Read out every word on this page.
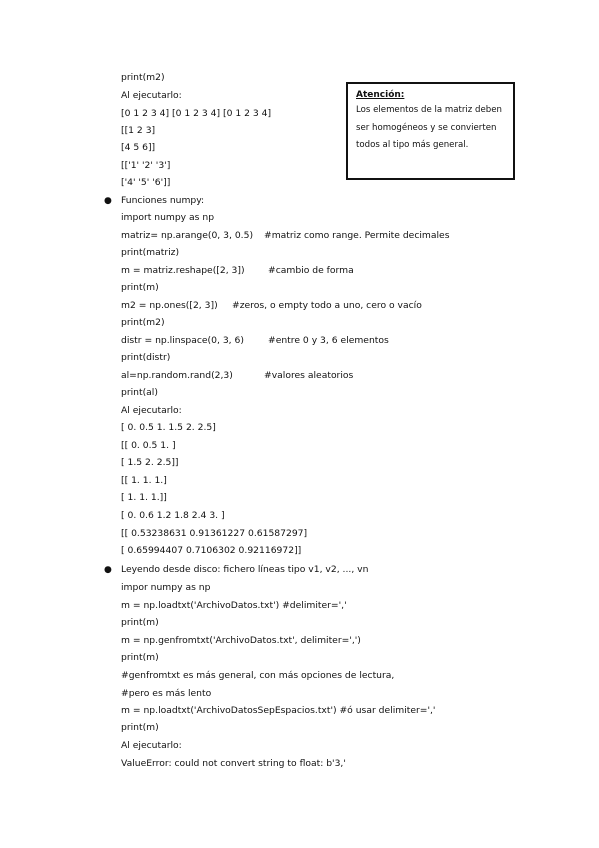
Atención:
Los elementos de la matriz deben
ser homogéneos y se convierten
todos al tipo más general.
print(m2)
Al ejecutarlo:
[0 1 2 3 4] [0 1 2 3 4] [0 1 2 3 4]
[[1 2 3]
[4 5 6]]
[['1' '2' '3']
['4' '5' '6']]
● Funciones numpy:
import numpy as np
matriz= np.arange(0, 3, 0.5) #matriz como range. Permite decimales
print(matriz)
m = matriz.reshape([2, 3])	#cambio de forma
print(m)
m2 = np.ones([2, 3]) #zeros, o empty todo a uno, cero o vacío
print(m2)
distr = np.linspace(0, 3, 6)	#entre 0 y 3, 6 elementos
print(distr)
al=np.random.rand(2,3)	#valores aleatorios
print(al)
Al ejecutarlo:
[ 0. 0.5 1. 1.5 2. 2.5]
[[ 0. 0.5 1. ]
[ 1.5 2. 2.5]]
[[ 1. 1. 1.]
[ 1. 1. 1.]]
[ 0. 0.6 1.2 1.8 2.4 3. ]
[[ 0.53238631 0.91361227 0.61587297]
[ 0.65994407 0.7106302 0.92116972]]
● Leyendo desde disco: fichero líneas tipo v1, v2, ..., vn
impor numpy as np
m = np.loadtxt('ArchivoDatos.txt') #delimiter=','
print(m)
m = np.genfromtxt('ArchivoDatos.txt', delimiter=',')
print(m)
#genfromtxt es más general, con más opciones de lectura,
#pero es más lento
m = np.loadtxt('ArchivoDatosSepEspacios.txt') #ó usar delimiter=','
print(m)
Al ejecutarlo:
ValueError: could not convert string to float: b'3,'
